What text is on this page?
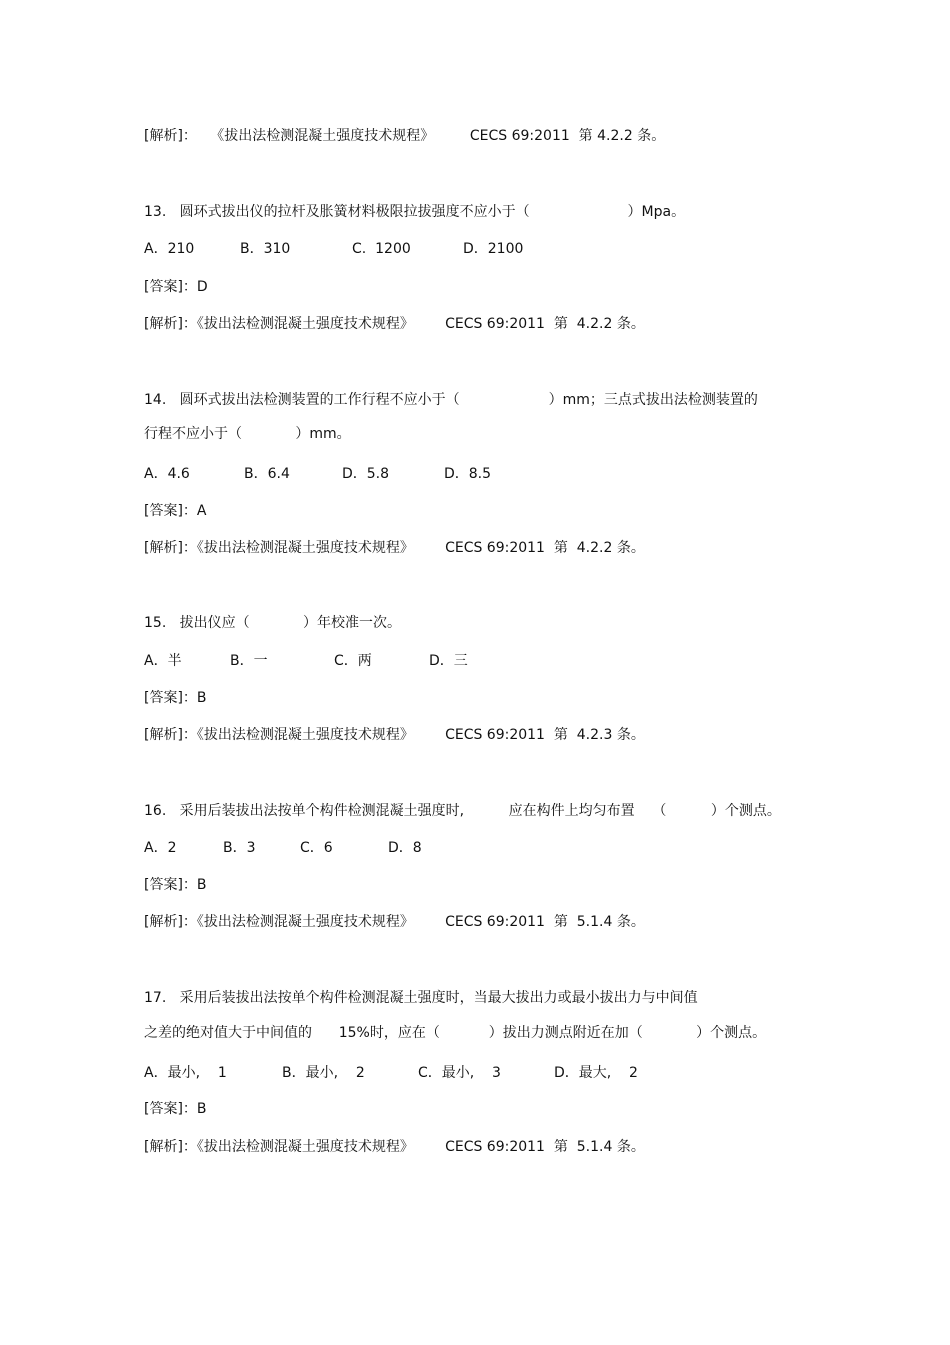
[解析]：   《拔出法检测混凝土强度技术规程》        CECS 69:2011  第 4.2.2 条。
13.   圆环式拔出仪的拉杆及胀簧材料极限拉拔强度不应小于（                      ）Mpa。
A．210	B．310	C.  1200	D．2100
[答案]：D
[解析]：《拔出法检测混凝土强度技术规程》       CECS 69:2011  第  4.2.2 条。
14.   圆环式拔出法检测装置的工作行程不应小于（                    ）mm；三点式拔出法检测装置的
行程不应小于（            ）mm。
A．4.6	B．6.4	D．5.8	D．8.5
[答案]：A
[解析]：《拔出法检测混凝土强度技术规程》       CECS 69:2011  第  4.2.2 条。
15.   拔出仪应（            ）年校准一次。
A．半	B．一	C．两	D．三
[答案]：B
[解析]：《拔出法检测混凝土强度技术规程》       CECS 69:2011  第  4.2.3 条。
16.   采用后装拔出法按单个构件检测混凝土强度时,          应在构件上均匀布置    （          ）个测点。
A．2	B．3	C．6	D．8
[答案]：B
[解析]：《拔出法检测混凝土强度技术规程》       CECS 69:2011  第  5.1.4 条。
17.   采用后装拔出法按单个构件检测混凝土强度时，当最大拔出力或最小拔出力与中间值
之差的绝对值大于中间值的      15%时，应在（           ）拔出力测点附近在加（            ）个测点。
A．最小,    1	B．最小,    2	C．最小,    3	D．最大,    2
[答案]：B
[解析]：《拔出法检测混凝土强度技术规程》       CECS 69:2011  第  5.1.4 条。
